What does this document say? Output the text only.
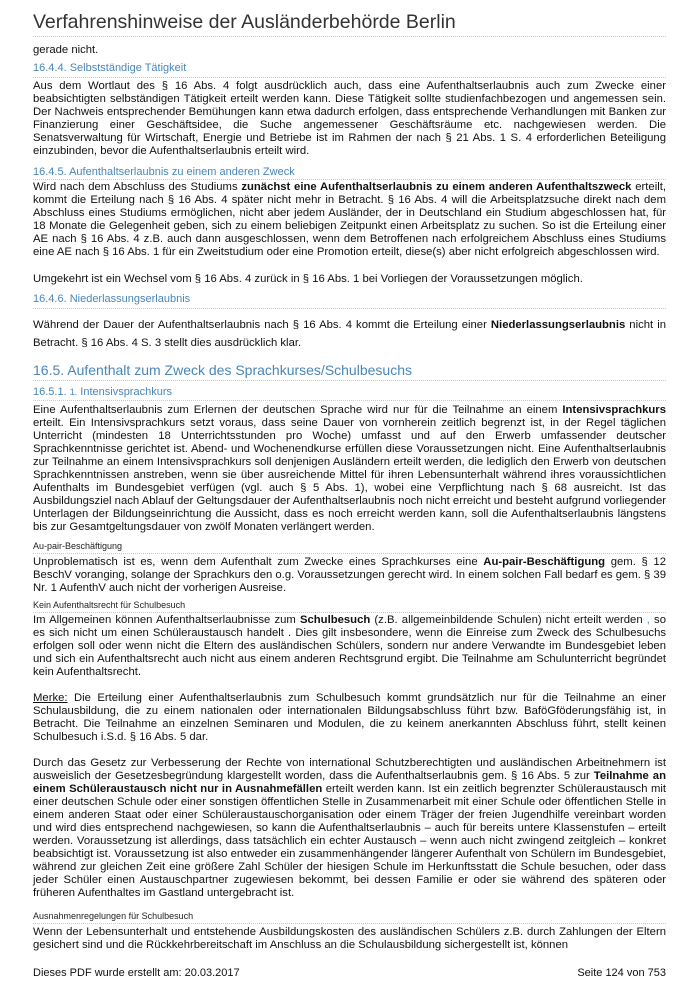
Verfahrenshinweise der Ausländerbehörde Berlin
gerade nicht.
16.4.4. Selbstständige Tätigkeit
Aus dem Wortlaut des § 16 Abs. 4 folgt ausdrücklich auch, dass eine Aufenthaltserlaubnis auch zum Zwecke einer beabsichtigten selbständigen Tätigkeit erteilt werden kann. Diese Tätigkeit sollte studienfachbezogen und angemessen sein. Der Nachweis entsprechender Bemühungen kann etwa dadurch erfolgen, dass entsprechende Verhandlungen mit Banken zur Finanzierung einer Geschäftsidee, die Suche angemessener Geschäftsräume etc. nachgewiesen werden. Die Senatsverwaltung für Wirtschaft, Energie und Betriebe ist im Rahmen der nach § 21 Abs. 1 S. 4 erforderlichen Beteiligung einzubinden, bevor die Aufenthaltserlaubnis erteilt wird.
16.4.5. Aufenthaltserlaubnis zu einem anderen Zweck
Wird nach dem Abschluss des Studiums zunächst eine Aufenthaltserlaubnis zu einem anderen Aufenthaltszweck erteilt, kommt die Erteilung nach § 16 Abs. 4 später nicht mehr in Betracht. § 16 Abs. 4 will die Arbeitsplatzsuche direkt nach dem Abschluss eines Studiums ermöglichen, nicht aber jedem Ausländer, der in Deutschland ein Studium abgeschlossen hat, für 18 Monate die Gelegenheit geben, sich zu einem beliebigen Zeitpunkt einen Arbeitsplatz zu suchen. So ist die Erteilung einer AE nach § 16 Abs. 4 z.B. auch dann ausgeschlossen, wenn dem Betroffenen nach erfolgreichem Abschluss eines Studiums eine AE nach § 16 Abs. 1 für ein Zweitstudium oder eine Promotion erteilt, diese(s) aber nicht erfolgreich abgeschlossen wird.
Umgekehrt ist ein Wechsel vom § 16 Abs. 4 zurück in § 16 Abs. 1 bei Vorliegen der Voraussetzungen möglich.
16.4.6. Niederlassungserlaubnis
Während der Dauer der Aufenthaltserlaubnis nach § 16 Abs. 4 kommt die Erteilung einer Niederlassungserlaubnis nicht in Betracht. § 16 Abs. 4 S. 3 stellt dies ausdrücklich klar.
16.5. Aufenthalt zum Zweck des Sprachkurses/Schulbesuchs
16.5.1. 1. Intensivsprachkurs
Eine Aufenthaltserlaubnis zum Erlernen der deutschen Sprache wird nur für die Teilnahme an einem Intensivsprachkurs erteilt. Ein Intensivsprachkurs setzt voraus, dass seine Dauer von vornherein zeitlich begrenzt ist, in der Regel täglichen Unterricht (mindesten 18 Unterrichtsstunden pro Woche) umfasst und auf den Erwerb umfassender deutscher Sprachkenntnisse gerichtet ist. Abend- und Wochenendkurse erfüllen diese Voraussetzungen nicht. Eine Aufenthaltserlaubnis zur Teilnahme an einem Intensivsprachkurs soll denjenigen Ausländern erteilt werden, die lediglich den Erwerb von deutschen Sprachkenntnissen anstreben, wenn sie über ausreichende Mittel für ihren Lebensunterhalt während ihres voraussichtlichen Aufenthalts im Bundesgebiet verfügen (vgl. auch § 5 Abs. 1), wobei eine Verpflichtung nach § 68 ausreicht. Ist das Ausbildungsziel nach Ablauf der Geltungsdauer der Aufenthaltserlaubnis noch nicht erreicht und besteht aufgrund vorliegender Unterlagen der Bildungseinrichtung die Aussicht, dass es noch erreicht werden kann, soll die Aufenthaltserlaubnis längstens bis zur Gesamtgeltungsdauer von zwölf Monaten verlängert werden.
Au-pair-Beschäftigung
Unproblematisch ist es, wenn dem Aufenthalt zum Zwecke eines Sprachkurses eine Au-pair-Beschäftigung gem. § 12 BeschV voranging, solange der Sprachkurs den o.g. Voraussetzungen gerecht wird. In einem solchen Fall bedarf es gem. § 39 Nr. 1 AufenthV auch nicht der vorherigen Ausreise.
Kein Aufenthaltsrecht für Schulbesuch
Im Allgemeinen können Aufenthaltserlaubnisse zum Schulbesuch (z.B. allgemeinbildende Schulen) nicht erteilt werden , so es sich nicht um einen Schüleraustausch handelt . Dies gilt insbesondere, wenn die Einreise zum Zweck des Schulbesuchs erfolgen soll oder wenn nicht die Eltern des ausländischen Schülers, sondern nur andere Verwandte im Bundesgebiet leben und sich ein Aufenthaltsrecht auch nicht aus einem anderen Rechtsgrund ergibt. Die Teilnahme am Schulunterricht begründet kein Aufenthaltsrecht.
Merke: Die Erteilung einer Aufenthaltserlaubnis zum Schulbesuch kommt grundsätzlich nur für die Teilnahme an einer Schulausbildung, die zu einem nationalen oder internationalen Bildungsabschluss führt bzw. BaföGföderungsfähig ist, in Betracht. Die Teilnahme an einzelnen Seminaren und Modulen, die zu keinem anerkannten Abschluss führt, stellt keinen Schulbesuch i.S.d. § 16 Abs. 5 dar.
Durch das Gesetz zur Verbesserung der Rechte von international Schutzberechtigten und ausländischen Arbeitnehmern ist ausweislich der Gesetzesbegründung klargestellt worden, dass die Aufenthaltserlaubnis gem. § 16 Abs. 5 zur Teilnahme an einem Schüleraustausch nicht nur in Ausnahmefällen erteilt werden kann. Ist ein zeitlich begrenzter Schüleraustausch mit einer deutschen Schule oder einer sonstigen öffentlichen Stelle in Zusammenarbeit mit einer Schule oder öffentlichen Stelle in einem anderen Staat oder einer Schüleraustauschorganisation oder einem Träger der freien Jugendhilfe vereinbart worden und wird dies entsprechend nachgewiesen, so kann die Aufenthaltserlaubnis – auch für bereits untere Klassenstufen – erteilt werden. Voraussetzung ist allerdings, dass tatsächlich ein echter Austausch – wenn auch nicht zwingend zeitgleich – konkret beabsichtigt ist. Voraussetzung ist also entweder ein zusammenhängender längerer Aufenthalt von Schülern im Bundesgebiet, während zur gleichen Zeit eine größere Zahl Schüler der hiesigen Schule im Herkunftsstatt die Schule besuchen, oder dass jeder Schüler einen Austauschpartner zugewiesen bekommt, bei dessen Familie er oder sie während des späteren oder früheren Aufenthaltes im Gastland untergebracht ist.
Ausnahmenregelungen für Schulbesuch
Wenn der Lebensunterhalt und entstehende Ausbildungskosten des ausländischen Schülers z.B. durch Zahlungen der Eltern gesichert sind und die Rückkehrbereitschaft im Anschluss an die Schulausbildung sichergestellt ist, können
Dieses PDF wurde erstellt am: 20.03.2017	Seite 124 von 753
